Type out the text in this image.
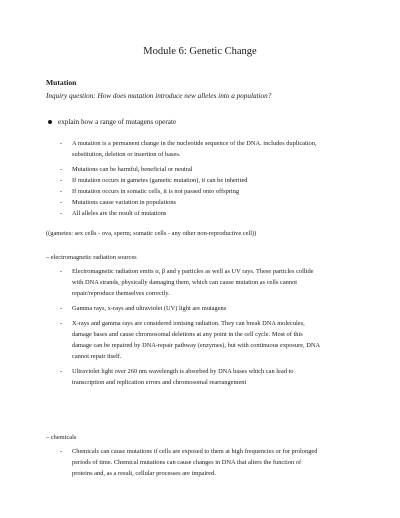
Module 6: Genetic Change
Mutation
Inquiry question: How does mutation introduce new alleles into a population?
explain how a range of mutagens operate
- A mutation is a permanent change in the nucleotide sequence of the DNA. includes duplication,
substitution, deletion or insertion of bases.
- Mutations can be harmful, beneficial or neutral
- If mutation occurs in gametes (gametic mutation), it can be inherited
- If mutation occurs in somatic cells, it is not passed onto offspring
- Mutations cause variation in populations
- All alleles are the result of mutations
((gametes: sex cells - ova, sperm; somatic cells - any other non-reproductive cell))
– electromagnetic radiation sources
- Electromagnetic radiation emits α, β and γ particles as well as UV rays. These particles collide
with DNA strands, physically damaging them, which can cause mutation as cells cannot
repair/reproduce themselves correctly.
- Gamma rays, x-rays and ultraviolet (UV) light are mutagens
- X-rays and gamma rays are considered ionising radiation. They can break DNA molecules,
damage bases and cause chromosomal deletions at any point in the cell cycle. Most of this
damage can be repaired by DNA-repair pathway (enzymes), but with continuous exposure, DNA
cannot repair itself.
- Ultraviolet light over 260 nm wavelength is absorbed by DNA bases which can lead to
transcription and replication errors and chromosomal rearrangement
– chemicals
- Chemicals can cause mutations if cells are exposed to them at high frequencies or for prolonged
periods of time. Chemical mutations can cause changes in DNA that alters the function of
proteins and, as a result, cellular processes are impaired.
